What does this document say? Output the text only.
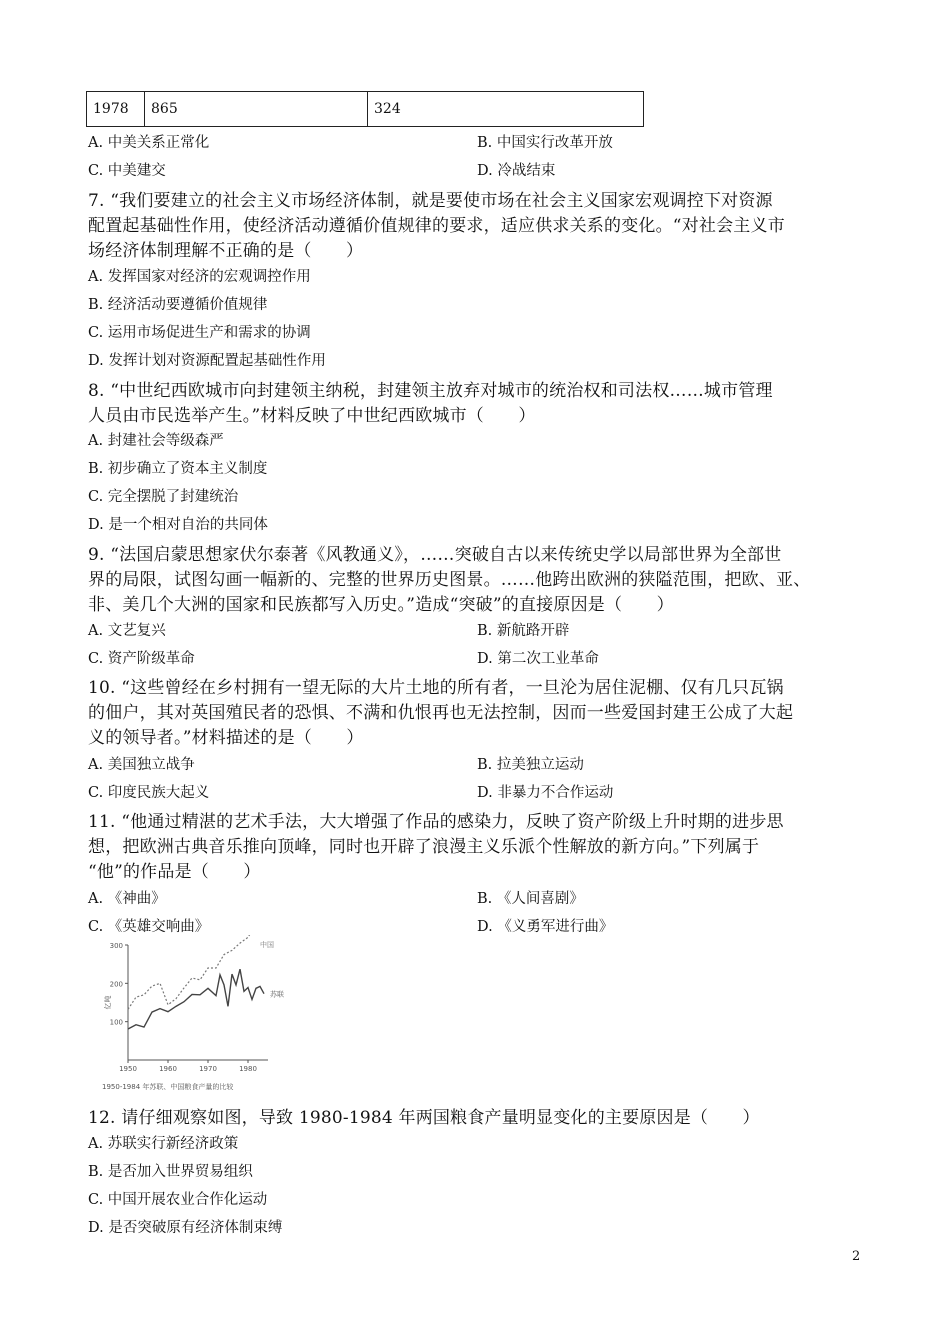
1978	865	324
A. 中美关系正常化	B. 中国实行改革开放
C. 中美建交	D. 冷战结束
7. “我们要建立的社会主义市场经济体制，就是要使市场在社会主义国家宏观调控下对资源
配置起基础性作用，使经济活动遵循价值规律的要求，适应供求关系的变化。“对社会主义市
场经济体制理解不正确的是（　　）
A. 发挥国家对经济的宏观调控作用
B. 经济活动要遵循价值规律
C. 运用市场促进生产和需求的协调
D. 发挥计划对资源配置起基础性作用
8. “中世纪西欧城市向封建领主纳税，封建领主放弃对城市的统治权和司法权……城市管理
人员由市民选举产生。”材料反映了中世纪西欧城市（　　）
A. 封建社会等级森严
B. 初步确立了资本主义制度
C. 完全摆脱了封建统治
D. 是一个相对自治的共同体
9. “法国启蒙思想家伏尔泰著《风教通义》，……突破自古以来传统史学以局部世界为全部世
界的局限，试图勾画一幅新的、完整的世界历史图景。……他跨出欧洲的狭隘范围，把欧、亚、
非、美几个大洲的国家和民族都写入历史。”造成“突破”的直接原因是（　　）
A. 文艺复兴	B. 新航路开辟
C. 资产阶级革命	D. 第二次工业革命
10. “这些曾经在乡村拥有一望无际的大片土地的所有者，一旦沦为居住泥棚、仅有几只瓦锅
的佃户，其对英国殖民者的恐惧、不满和仇恨再也无法控制，因而一些爱国封建王公成了大起
义的领导者。”材料描述的是（　　）
A. 美国独立战争	B. 拉美独立运动
C. 印度民族大起义	D. 非暴力不合作运动
11. “他通过精湛的艺术手法，大大增强了作品的感染力，反映了资产阶级上升时期的进步思
想，把欧洲古典音乐推向顶峰，同时也开辟了浪漫主义乐派个性解放的新方向。”下列属于
“他”的作品是（　　）
A. 《神曲》	B. 《人间喜剧》
C. 《英雄交响曲》	D. 《义勇军进行曲》
300
200
100
1950	1960	1970	1980
亿吨
苏联
中国
1950-1984 年苏联、中国粮食产量的比较
12. 请仔细观察如图，导致 1980-1984 年两国粮食产量明显变化的主要原因是（　　）
A. 苏联实行新经济政策
B. 是否加入世界贸易组织
C. 中国开展农业合作化运动
D. 是否突破原有经济体制束缚
2
